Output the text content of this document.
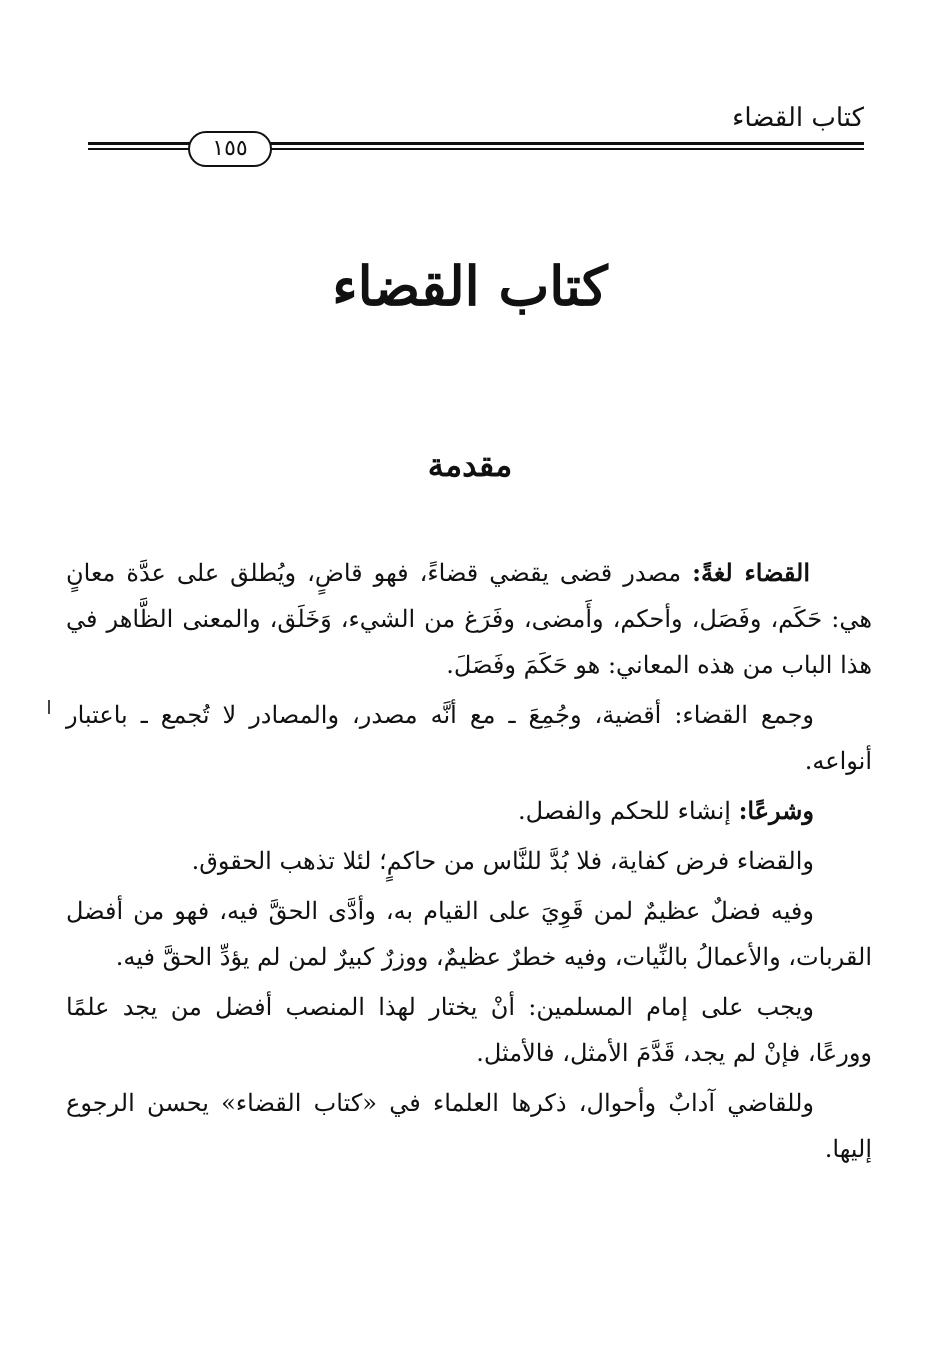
كتاب القضاء
١٥٥
كتاب القضاء
مقدمة

القضاء لغةً: مصدر قضى يقضي قضاءً، فهو قاضٍ، ويُطلق على عدَّة معانٍ هي: حَكَم، وفَصَل، وأحكم، وأَمضى، وفَرَغ من الشيء، وَخَلَق، والمعنى الظَّاهر في هذا الباب من هذه المعاني: هو حَكَمَ وفَصَلَ.

وجمع القضاء: أقضية، وجُمِعَ ـ مع أنَّه مصدر، والمصادر لا تُجمع ـ باعتبار أنواعه.

وشرعًا: إنشاء للحكم والفصل.

والقضاء فرض كفاية، فلا بُدَّ للنَّاس من حاكمٍ؛ لئلا تذهب الحقوق.

وفيه فضلٌ عظيمٌ لمن قَوِيَ على القيام به، وأدَّى الحقَّ فيه، فهو من أفضل القربات، والأعمالُ بالنِّيات، وفيه خطرٌ عظيمٌ، ووزرٌ كبيرٌ لمن لم يؤدِّ الحقَّ فيه.

ويجب على إمام المسلمين: أنْ يختار لهذا المنصب أفضل من يجد علمًا وورعًا، فإنْ لم يجد، قَدَّمَ الأمثل، فالأمثل.

وللقاضي آدابٌ وأحوال، ذكرها العلماء في «كتاب القضاء» يحسن الرجوع إليها.
